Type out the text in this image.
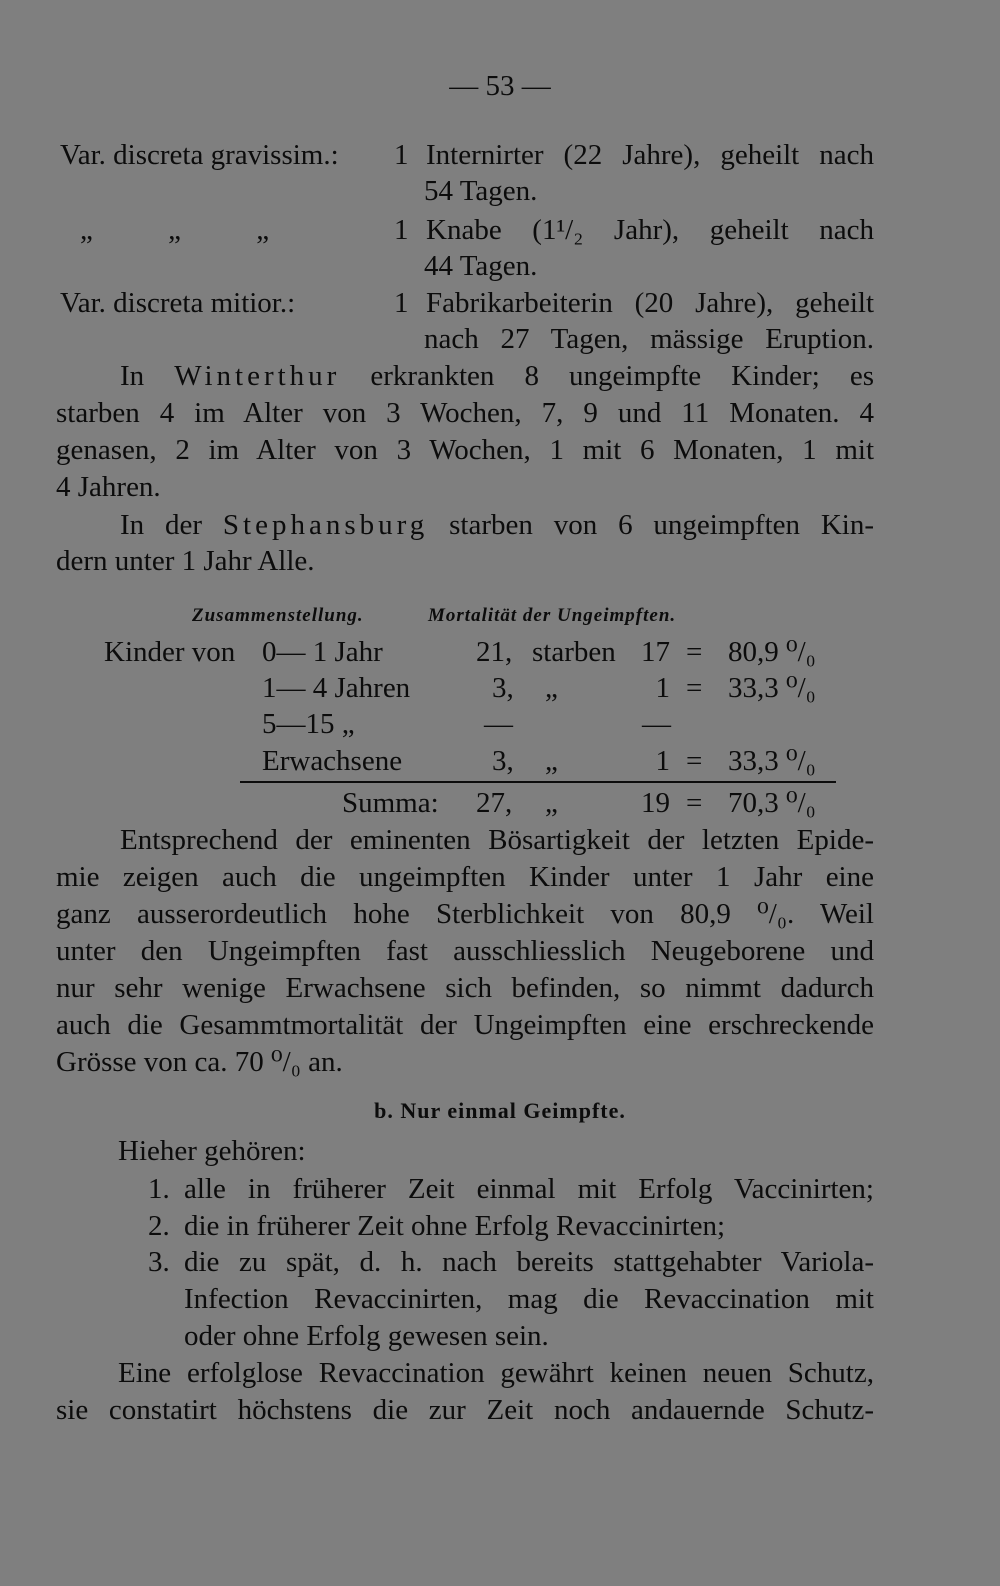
— 53 —
Var. discreta gravissim.: 1 Internirter (22 Jahre), geheilt nach
54 Tagen.
„ „ „	1 Knabe (1¹/₂ Jahr), geheilt nach
44 Tagen.
Var. discreta mitior.:	1 Fabrikarbeiterin (20 Jahre), geheilt
nach 27 Tagen, mässige Eruption.
In Winterthur erkrankten 8 ungeimpfte Kinder; es
starben 4 im Alter von 3 Wochen, 7, 9 und 11 Monaten. 4
genasen, 2 im Alter von 3 Wochen, 1 mit 6 Monaten, 1 mit
4 Jahren.
In der Stephansburg starben von 6 ungeimpften Kin-
dern unter 1 Jahr Alle.
Zusammenstellung.	Mortalität der Ungeimpften.
Kinder von 0— 1 Jahr	21, starben 17 = 80,9 ⁰/₀
1— 4 Jahren	3, „	1 = 33,3 ⁰/₀
5—15 „	—	—
Erwachsene	3, „	1 = 33,3 ⁰/₀
Summa: 27, „	19 = 70,3 ⁰/₀
Entsprechend der eminenten Bösartigkeit der letzten Epide-
mie zeigen auch die ungeimpften Kinder unter 1 Jahr eine
ganz ausserordeutlich hohe Sterblichkeit von 80,9 ⁰/₀. Weil
unter den Ungeimpften fast ausschliesslich Neugeborene und
nur sehr wenige Erwachsene sich befinden, so nimmt dadurch
auch die Gesammtmortalität der Ungeimpften eine erschreckende
Grösse von ca. 70 ⁰/₀ an.
b. Nur einmal Geimpfte.
Hieher gehören:
1. alle in früherer Zeit einmal mit Erfolg Vaccinirten;
2. die in früherer Zeit ohne Erfolg Revaccinirten;
3. die zu spät, d. h. nach bereits stattgehabter Variola-
Infection Revaccinirten, mag die Revaccination mit
oder ohne Erfolg gewesen sein.
Eine erfolglose Revaccination gewährt keinen neuen Schutz,
sie constatirt höchstens die zur Zeit noch andauernde Schutz-
